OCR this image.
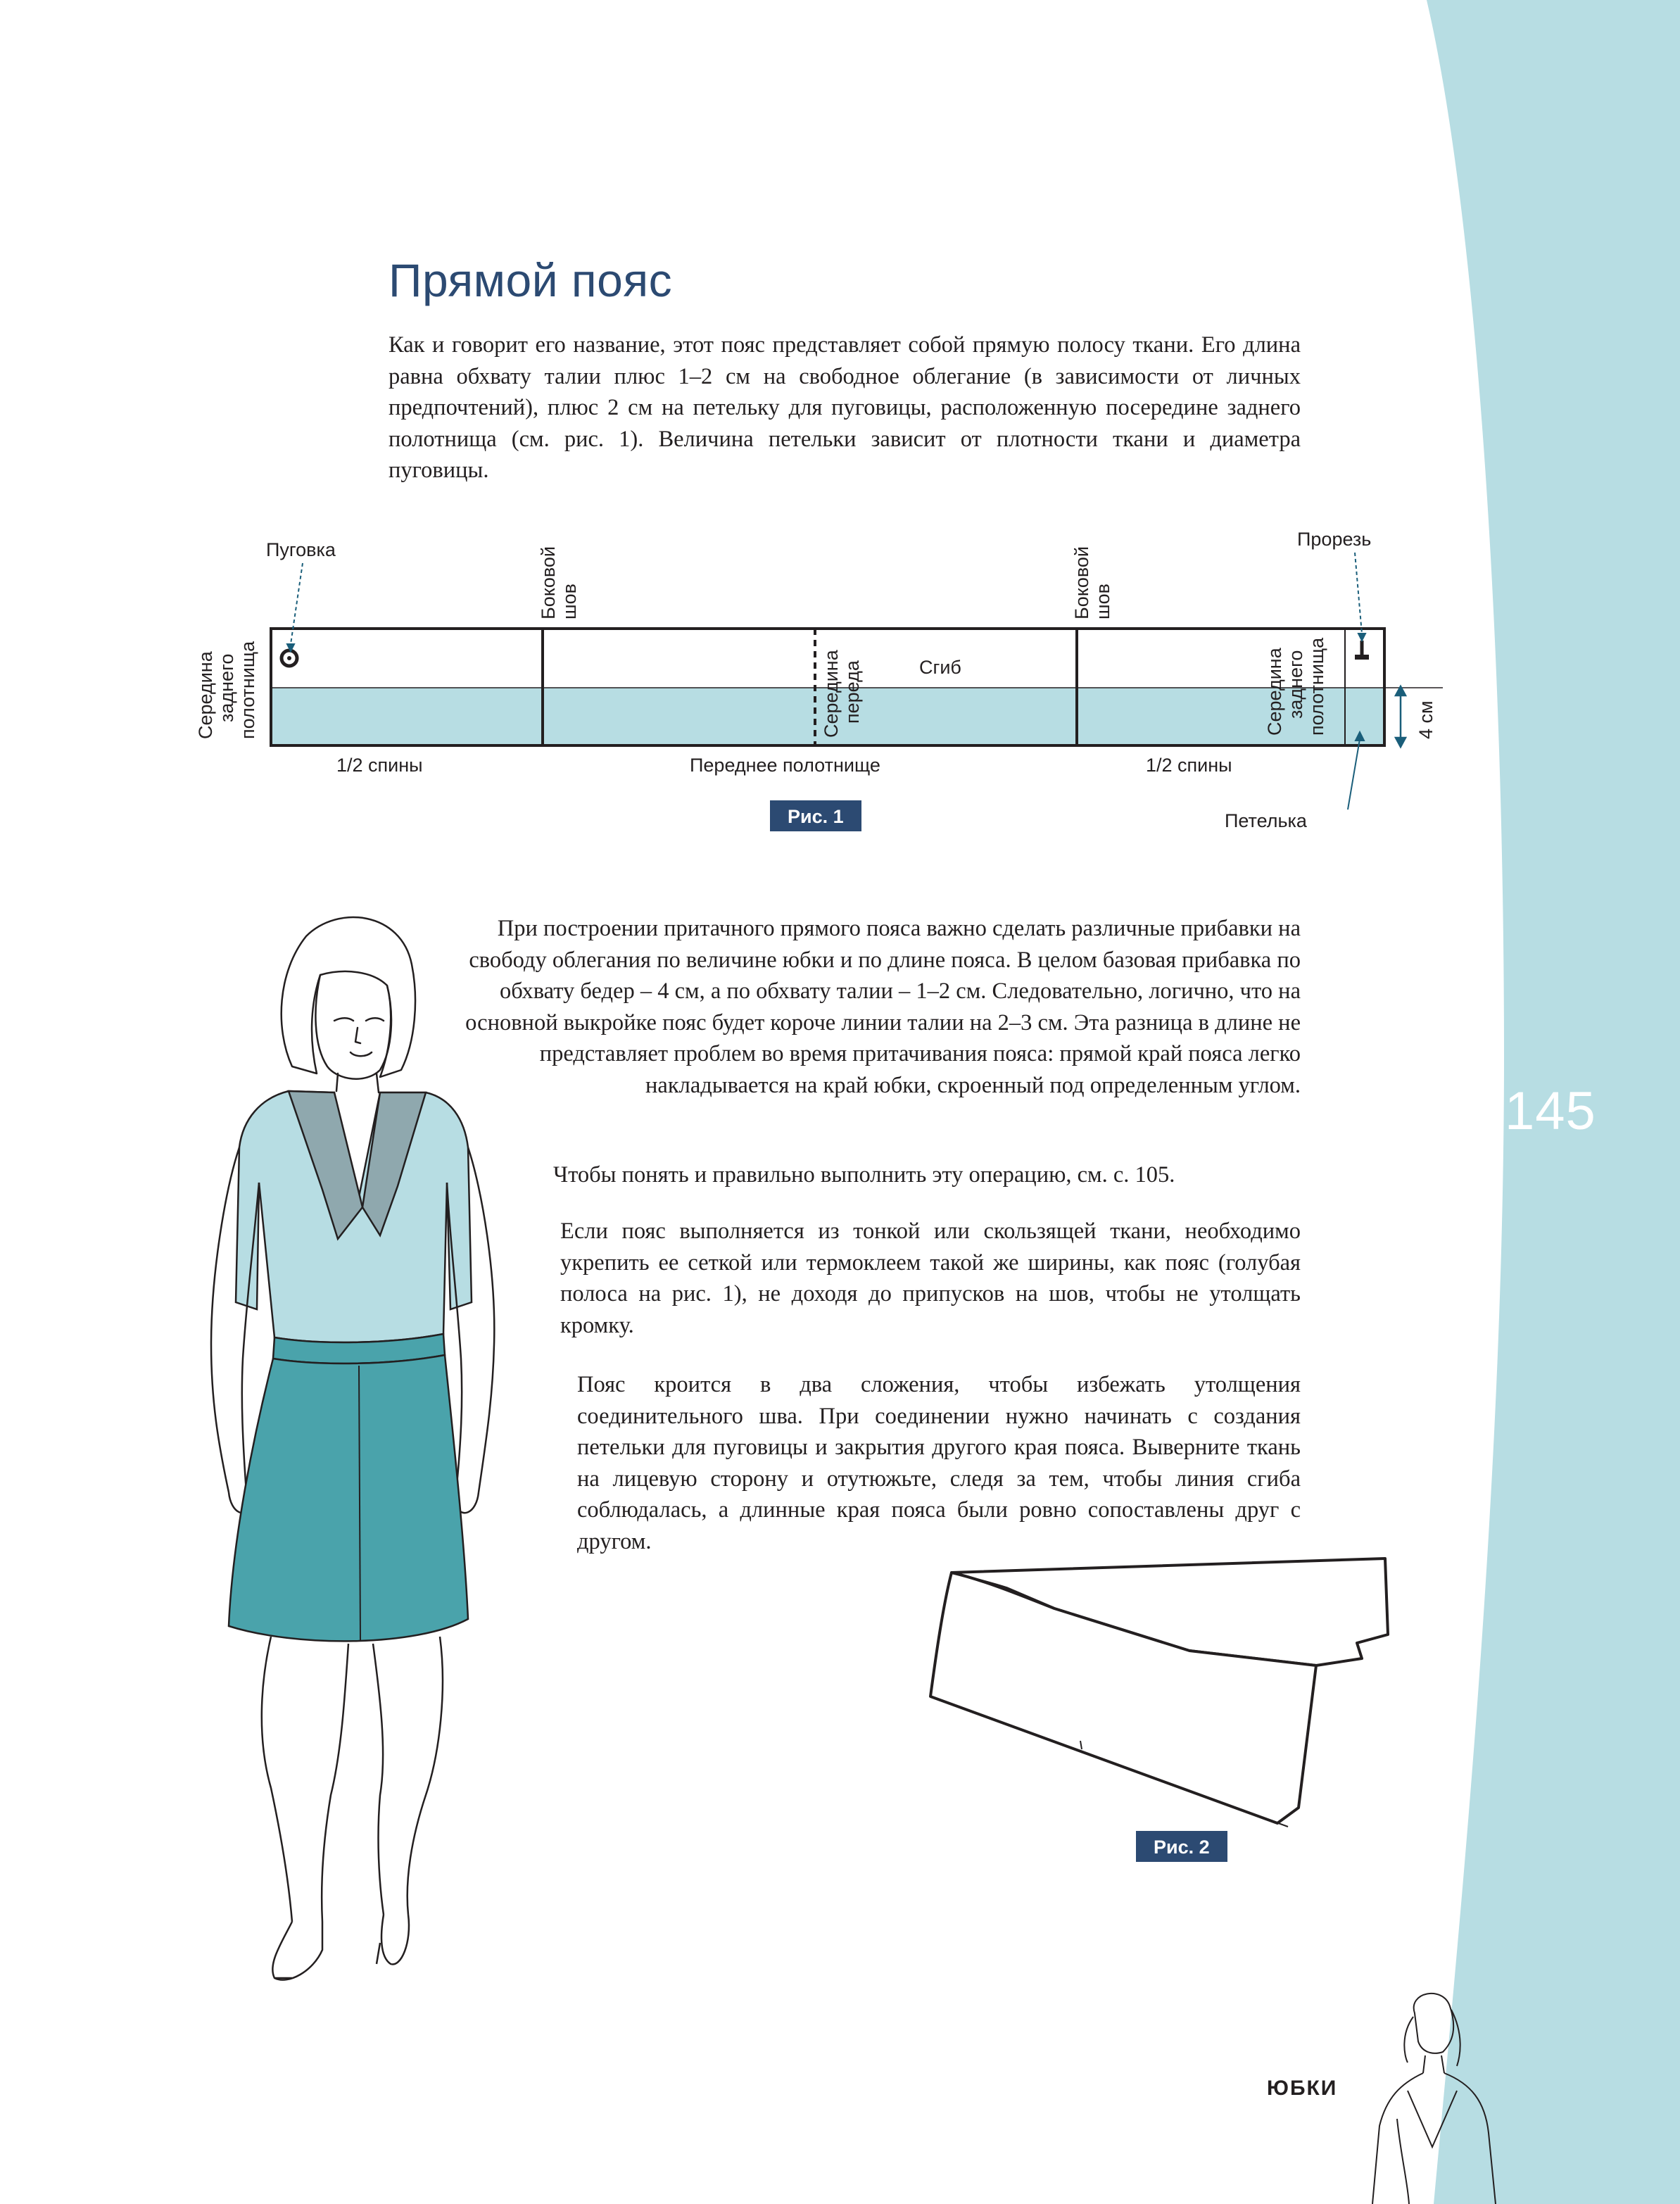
145
ЮБКИ
Прямой пояс

Как и говорит его название, этот пояс представляет собой прямую полосу ткани. Его длина равна обхвату талии плюс 1–2 см на свободное облегание (в зависимости от личных предпочтений), плюс 2 см на петельку для пуговицы, расположенную посередине заднего полотнища (см. рис. 1). Величина петельки зависит от плотности ткани и диаметра пуговицы.

Пуговка	Прорезь
Боковой шов	Боковой шов
Середина заднего полотнища	Середина переда	Сгиб	Середина заднего полотнища	4 см
1/2 спины	Переднее полотнище	1/2 спины
Петелька
Рис. 1

При построении притачного прямого пояса важно сделать различные прибавки на свободу облегания по величине юбки и по длине пояса. В целом базовая прибавка по обхвату бедер – 4 см, а по обхвату талии – 1–2 см. Следовательно, логично, что на основной выкройке пояс будет короче линии талии на 2–3 см. Эта разница в длине не представляет проблем во время притачивания пояса: прямой край пояса легко накладывается на край юбки, скроенный под определенным углом.

Чтобы понять и правильно выполнить эту операцию, см. с. 105.

Если пояс выполняется из тонкой или скользящей ткани, необходимо укрепить ее сеткой или термоклеем такой же ширины, как пояс (голубая полоса на рис. 1), не доходя до припусков на шов, чтобы не утолщать кромку.

Пояс кроится в два сложения, чтобы избежать утолщения соединительного шва. При соединении нужно начинать с создания петельки для пуговицы и закрытия другого края пояса. Выверните ткань на лицевую сторону и отутюжьте, следя за тем, чтобы линия сгиба соблюдалась, а длинные края пояса были ровно сопоставлены друг с другом.

Рис. 2
